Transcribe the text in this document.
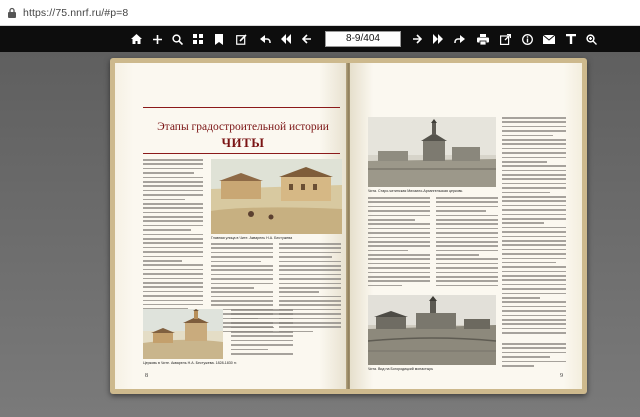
https://75.nnrf.ru/#p=8
8-9/404
Этапы градостроительной истории
ЧИТЫ
Главная улица в Чите. Акварель Н.А. Бестужева
Церковь в Чите. Акварель Н.А. Бестужева. 1828-1830 гг.
8
Чита. Старо-читинская Михаило-Архангельская церковь
Чита. Вид на Богородицкий монастырь
9
